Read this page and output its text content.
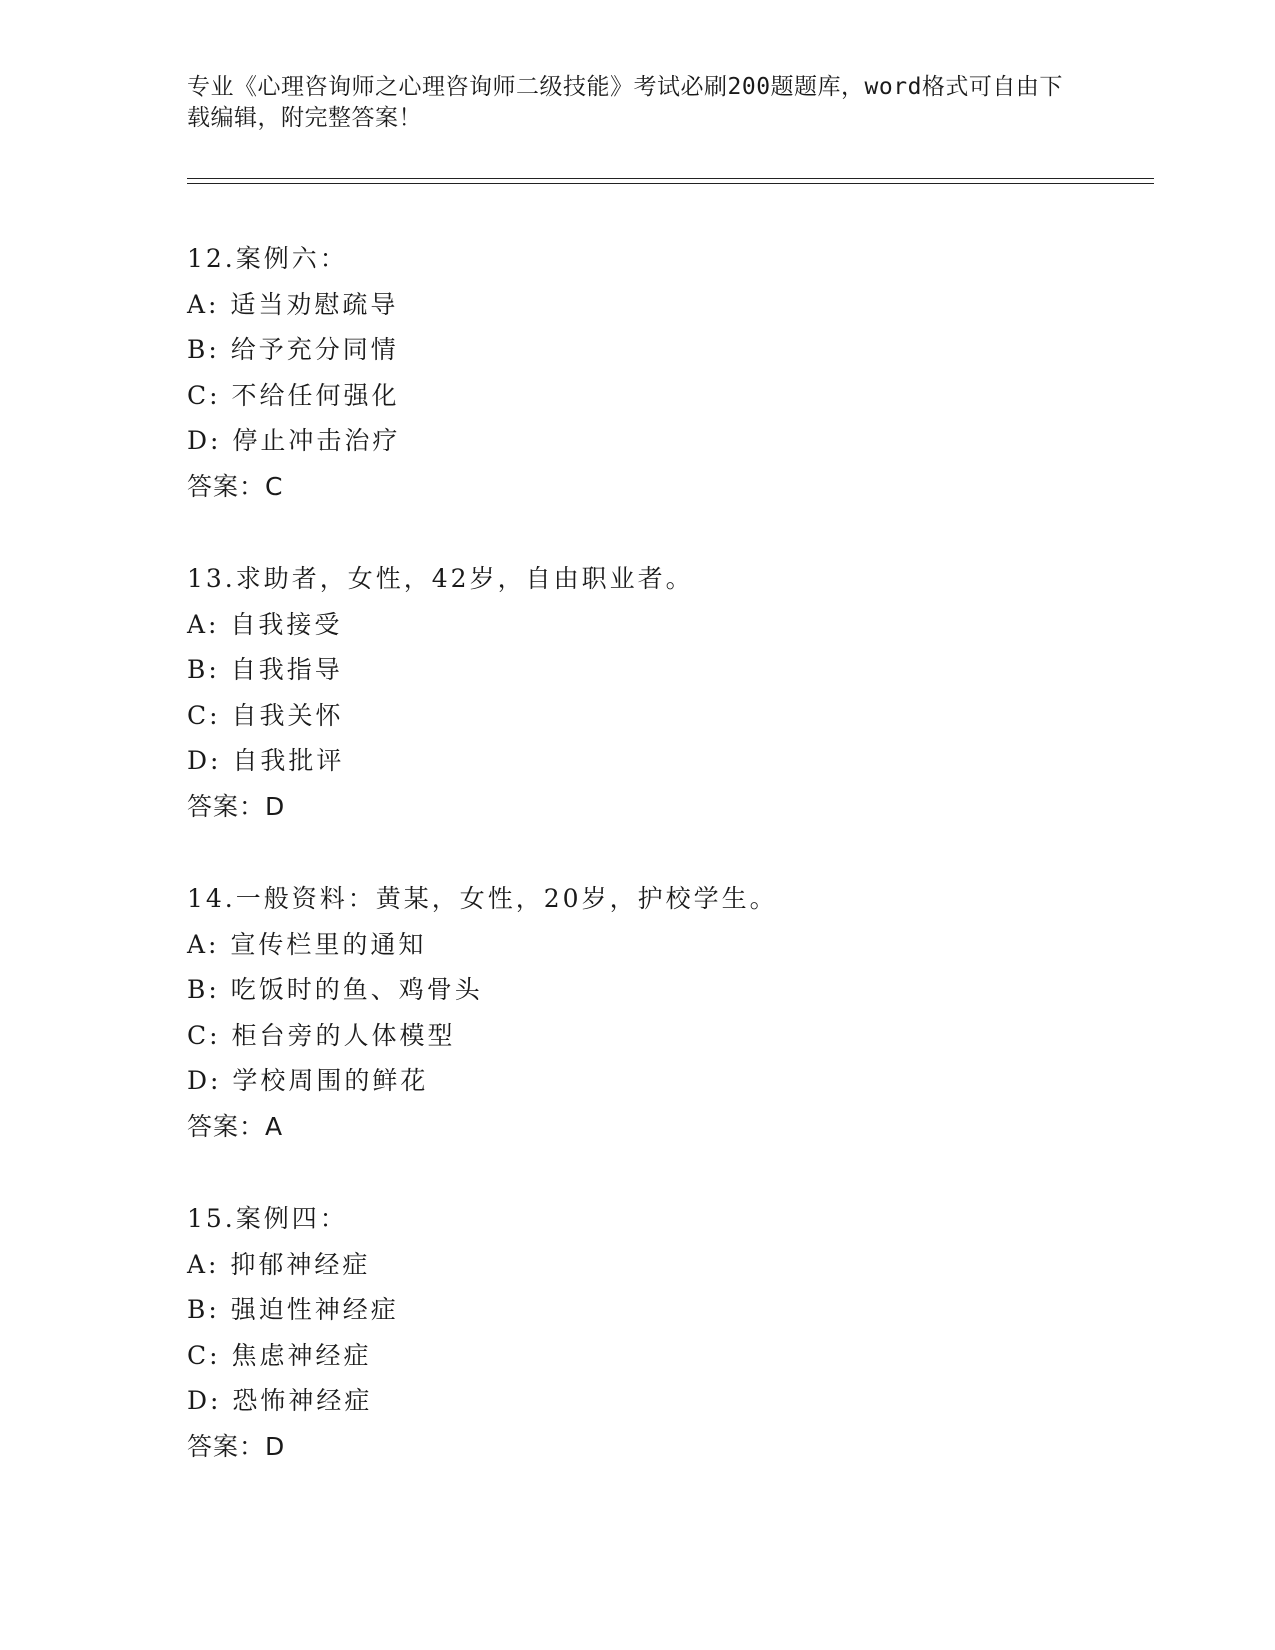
专业《心理咨询师之心理咨询师二级技能》考试必刷200题题库，word格式可自由下载编辑，附完整答案！
12.案例六：
A: 适当劝慰疏导
B: 给予充分同情
C: 不给任何强化
D: 停止冲击治疗
答案：C
13.求助者，女性，42岁，自由职业者。
A: 自我接受
B: 自我指导
C: 自我关怀
D: 自我批评
答案：D
14.一般资料：黄某，女性，20岁，护校学生。
A: 宣传栏里的通知
B: 吃饭时的鱼、鸡骨头
C: 柜台旁的人体模型
D: 学校周围的鲜花
答案：A
15.案例四：
A: 抑郁神经症
B: 强迫性神经症
C: 焦虑神经症
D: 恐怖神经症
答案：D
